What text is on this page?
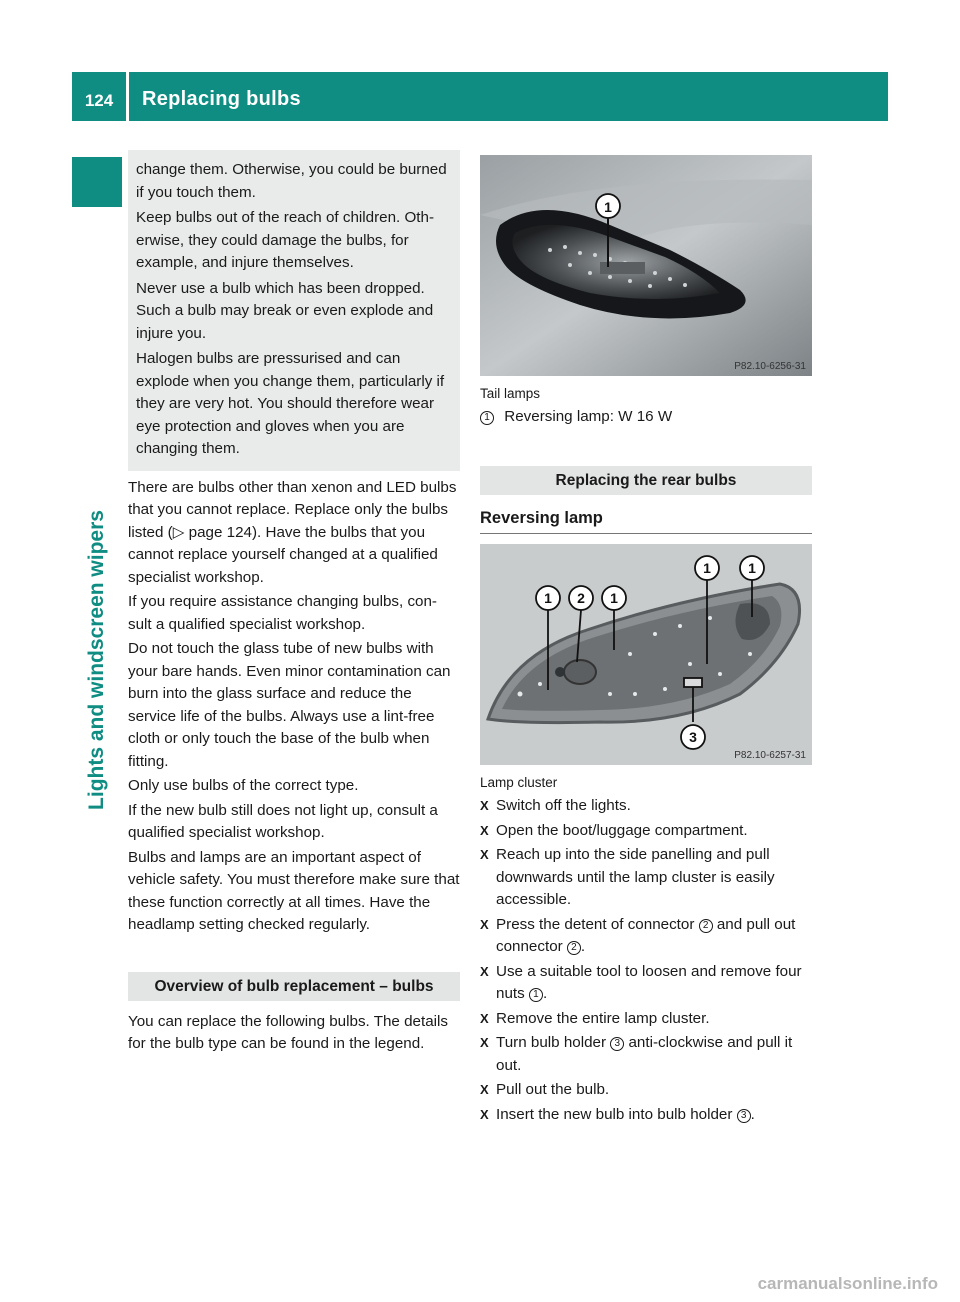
124	Replacing bulbs
Lights and windscreen wipers

change them. Otherwise, you could be burned if you touch them.

Keep bulbs out of the reach of children. Oth-erwise, they could damage the bulbs, for example, and injure themselves.

Never use a bulb which has been dropped. Such a bulb may break or even explode and injure you.

Halogen bulbs are pressurised and can explode when you change them, particularly if they are very hot. You should therefore wear eye protection and gloves when you are changing them.

There are bulbs other than xenon and LED bulbs that you cannot replace. Replace only the bulbs listed (▷ page 124). Have the bulbs that you cannot replace yourself changed at a qualified specialist workshop.

If you require assistance changing bulbs, con-sult a qualified specialist workshop.

Do not touch the glass tube of new bulbs with your bare hands. Even minor contamination can burn into the glass surface and reduce the service life of the bulbs. Always use a lint-free cloth or only touch the base of the bulb when fitting.

Only use bulbs of the correct type.

If the new bulb still does not light up, consult a qualified specialist workshop.

Bulbs and lamps are an important aspect of vehicle safety. You must therefore make sure that these function correctly at all times. Have the headlamp setting checked regularly.

Overview of bulb replacement – bulbs

You can replace the following bulbs. The details for the bulb type can be found in the legend.

1
P82.10-6256-31
Tail lamps
1 Reversing lamp: W 16 W
Replacing the rear bulbs
Reversing lamp
1 2 1
1	1
3
P82.10-6257-31
Lamp cluster
X Switch off the lights.
X Open the boot/luggage compartment.
X Reach up into the side panelling and pull downwards until the lamp cluster is easily accessible.
X Press the detent of connector 2 and pull out connector 2 .
X Use a suitable tool to loosen and remove four nuts 1 .
X Remove the entire lamp cluster.
X Turn bulb holder 3 anti-clockwise and pull it out.
X Pull out the bulb.
X Insert the new bulb into bulb holder 3 .
carmanualsonline.info
